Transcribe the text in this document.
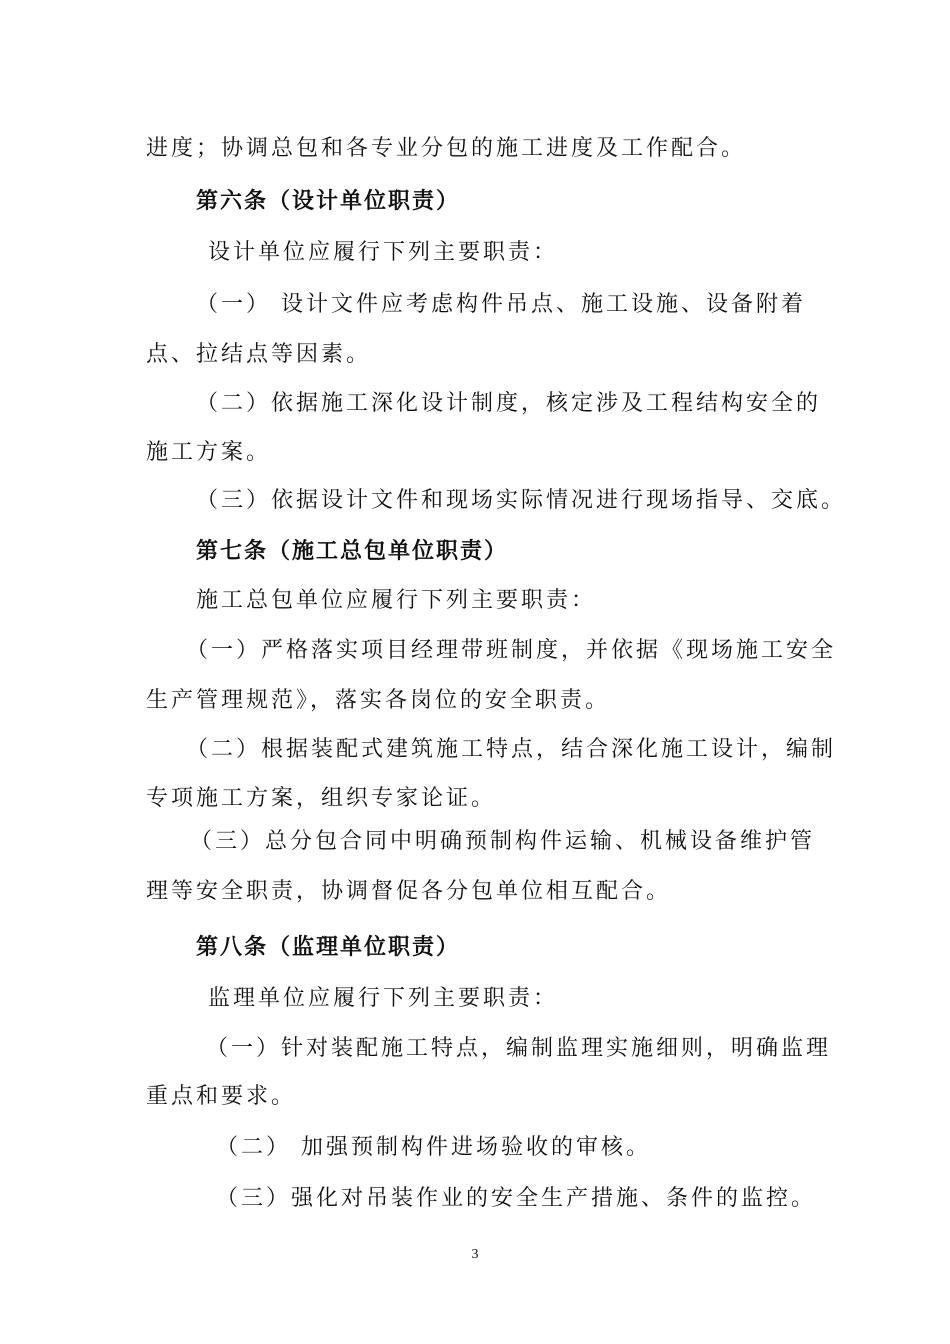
进度；协调总包和各专业分包的施工进度及工作配合。
第六条（设计单位职责）
设计单位应履行下列主要职责：
（一） 设计文件应考虑构件吊点、施工设施、设备附着
点、拉结点等因素。
（二）依据施工深化设计制度，核定涉及工程结构安全的
施工方案。
（三）依据设计文件和现场实际情况进行现场指导、交底。
第七条（施工总包单位职责）
施工总包单位应履行下列主要职责：
（一）严格落实项目经理带班制度，并依据《现场施工安全
生产管理规范》，落实各岗位的安全职责。
（二）根据装配式建筑施工特点，结合深化施工设计，编制
专项施工方案，组织专家论证。
（三）总分包合同中明确预制构件运输、机械设备维护管
理等安全职责，协调督促各分包单位相互配合。
第八条（监理单位职责）
监理单位应履行下列主要职责：
（一）针对装配施工特点，编制监理实施细则，明确监理
重点和要求。
（二） 加强预制构件进场验收的审核。
（三）强化对吊装作业的安全生产措施、条件的监控。
3
